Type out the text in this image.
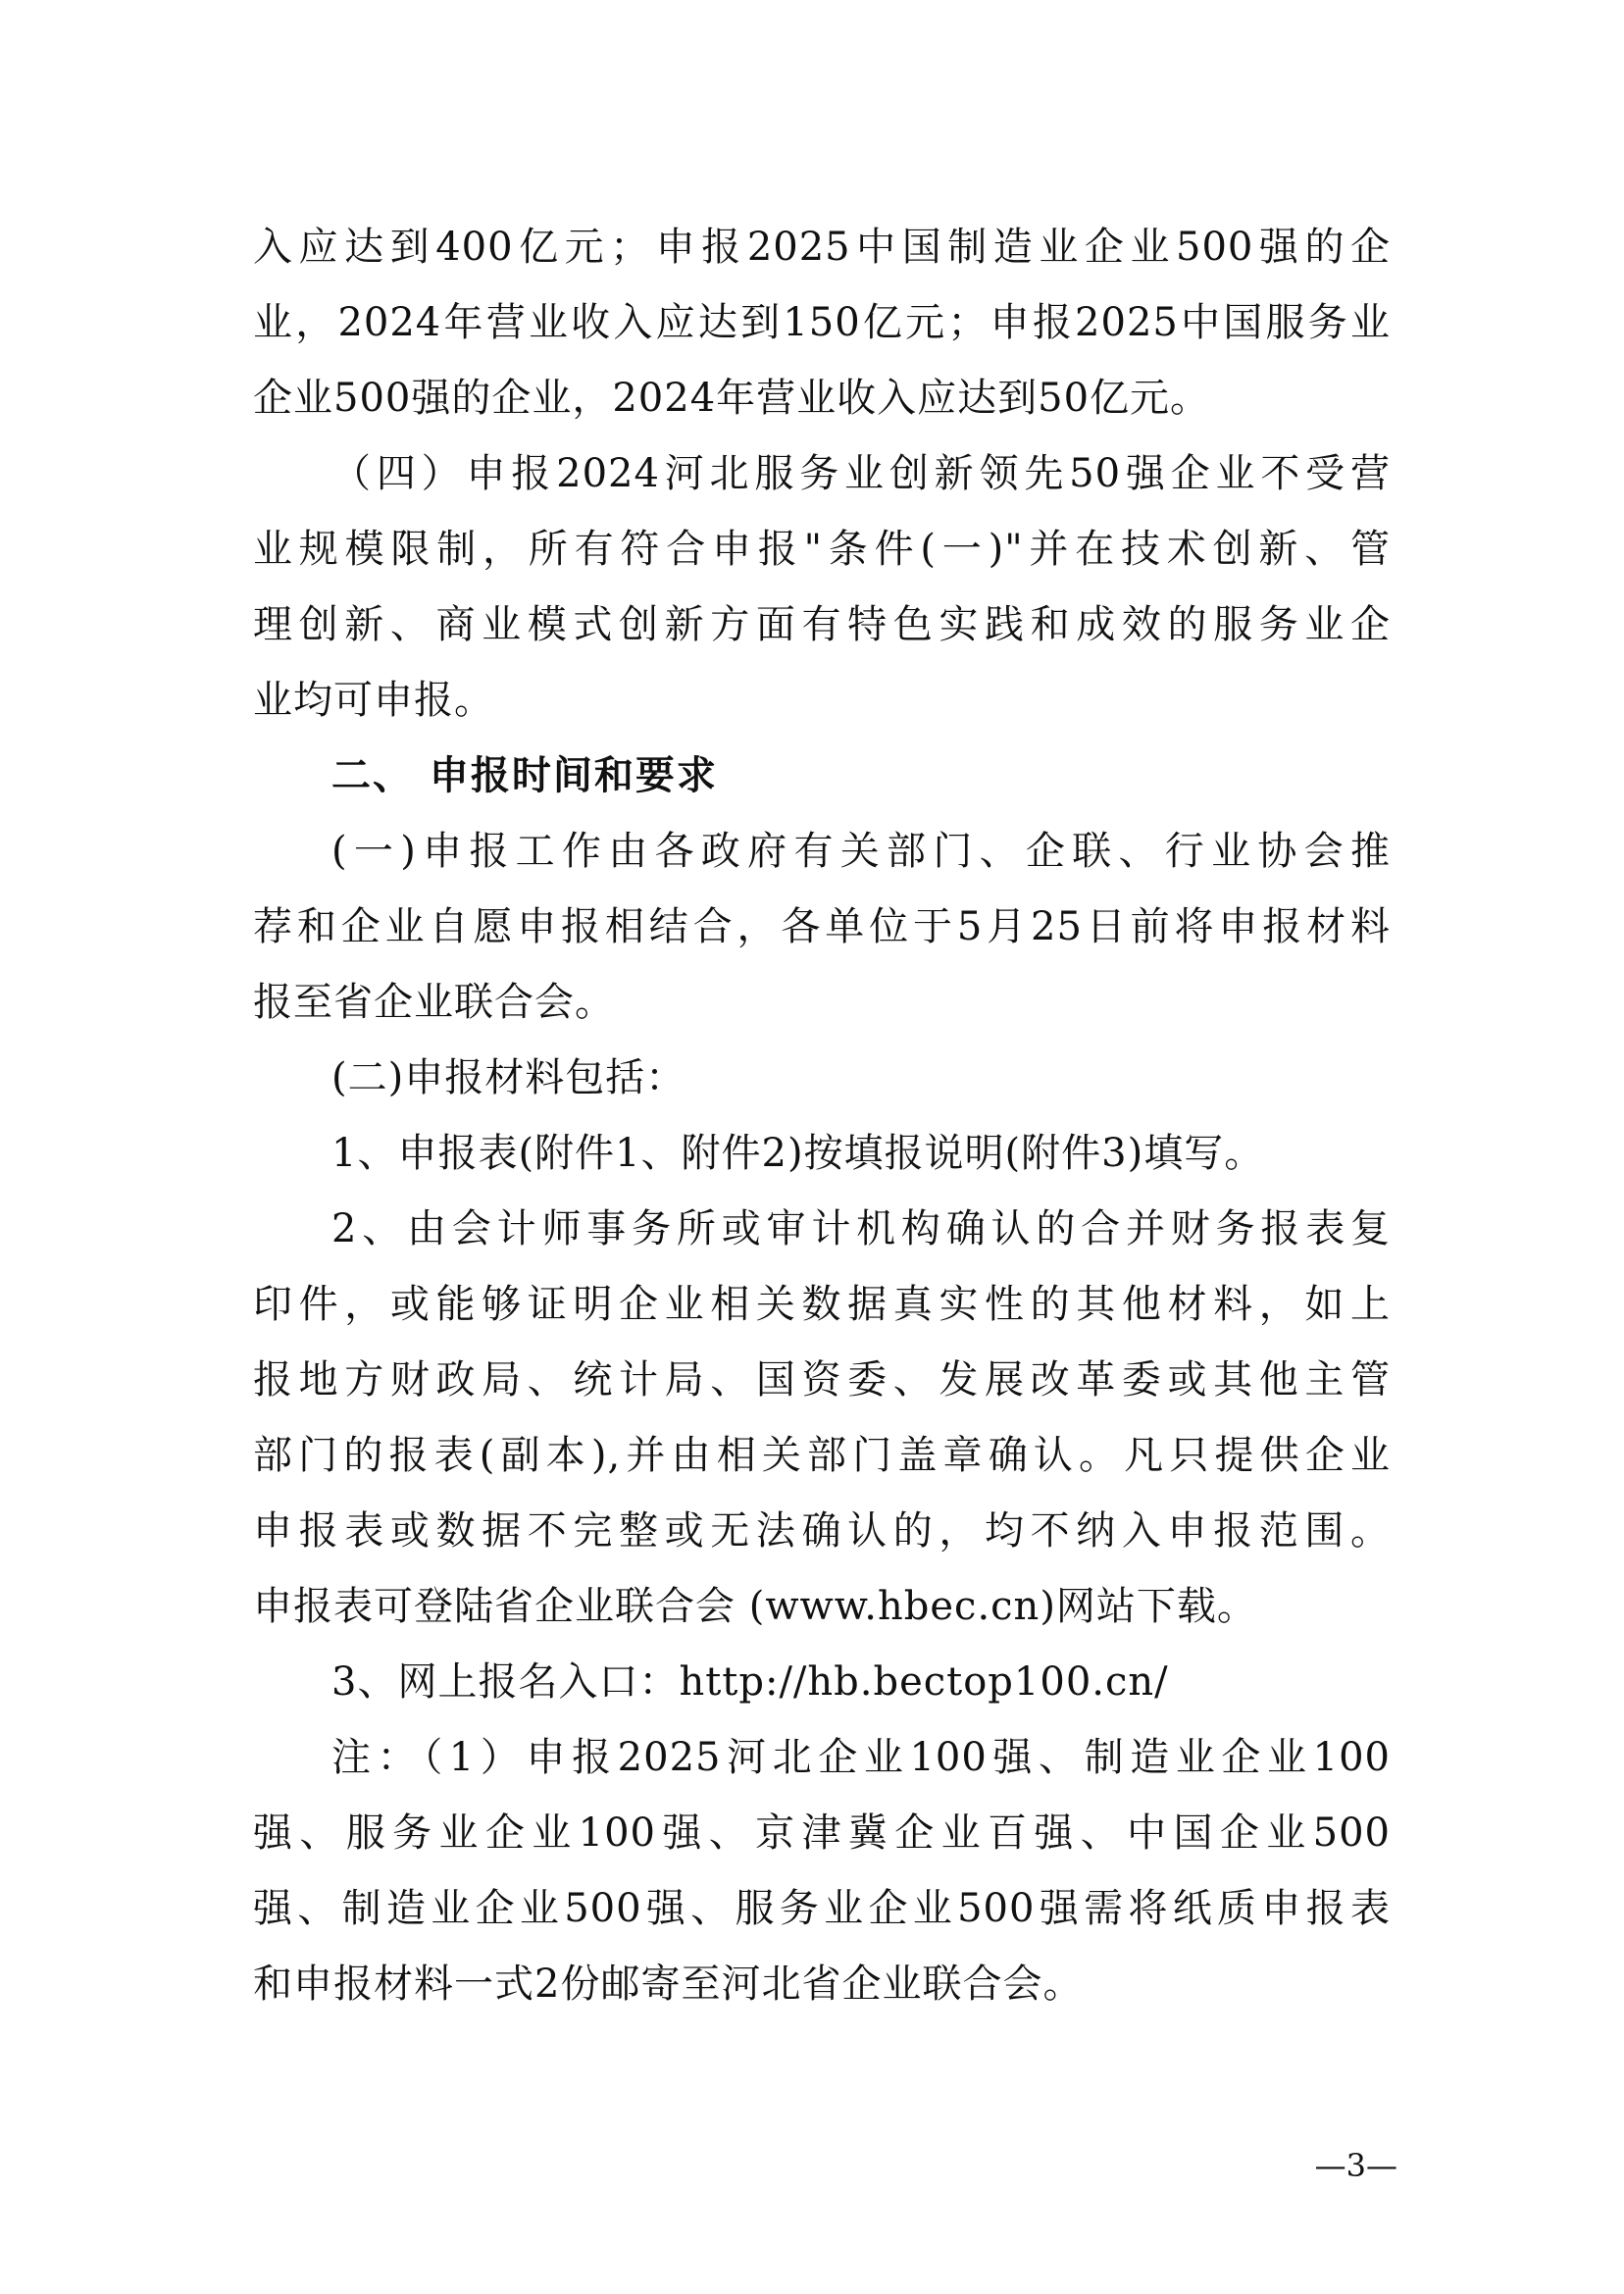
入应达到400亿元；申报2025中国制造业企业500强的企
业，2024年营业收入应达到150亿元；申报2025中国服务业
企业500强的企业，2024年营业收入应达到50亿元。
（四）申报2024河北服务业创新领先50强企业不受营
业规模限制，所有符合申报"条件(一)"并在技术创新、管
理创新、商业模式创新方面有特色实践和成效的服务业企
业均可申报。
二、 申报时间和要求
(一)申报工作由各政府有关部门、企联、行业协会推
荐和企业自愿申报相结合，各单位于5月25日前将申报材料
报至省企业联合会。
(二)申报材料包括：
1、申报表(附件1、附件2)按填报说明(附件3)填写。
2、由会计师事务所或审计机构确认的合并财务报表复
印件，或能够证明企业相关数据真实性的其他材料，如上
报地方财政局、统计局、国资委、发展改革委或其他主管
部门的报表(副本),并由相关部门盖章确认。凡只提供企业
申报表或数据不完整或无法确认的，均不纳入申报范围。
申报表可登陆省企业联合会 (www.hbec.cn)网站下载。
3、网上报名入口：http://hb.bectop100.cn/
注：（1）申报2025河北企业100强、制造业企业100
强、服务业企业100强、京津冀企业百强、中国企业500
强、制造业企业500强、服务业企业500强需将纸质申报表
和申报材料一式2份邮寄至河北省企业联合会。
—3—
